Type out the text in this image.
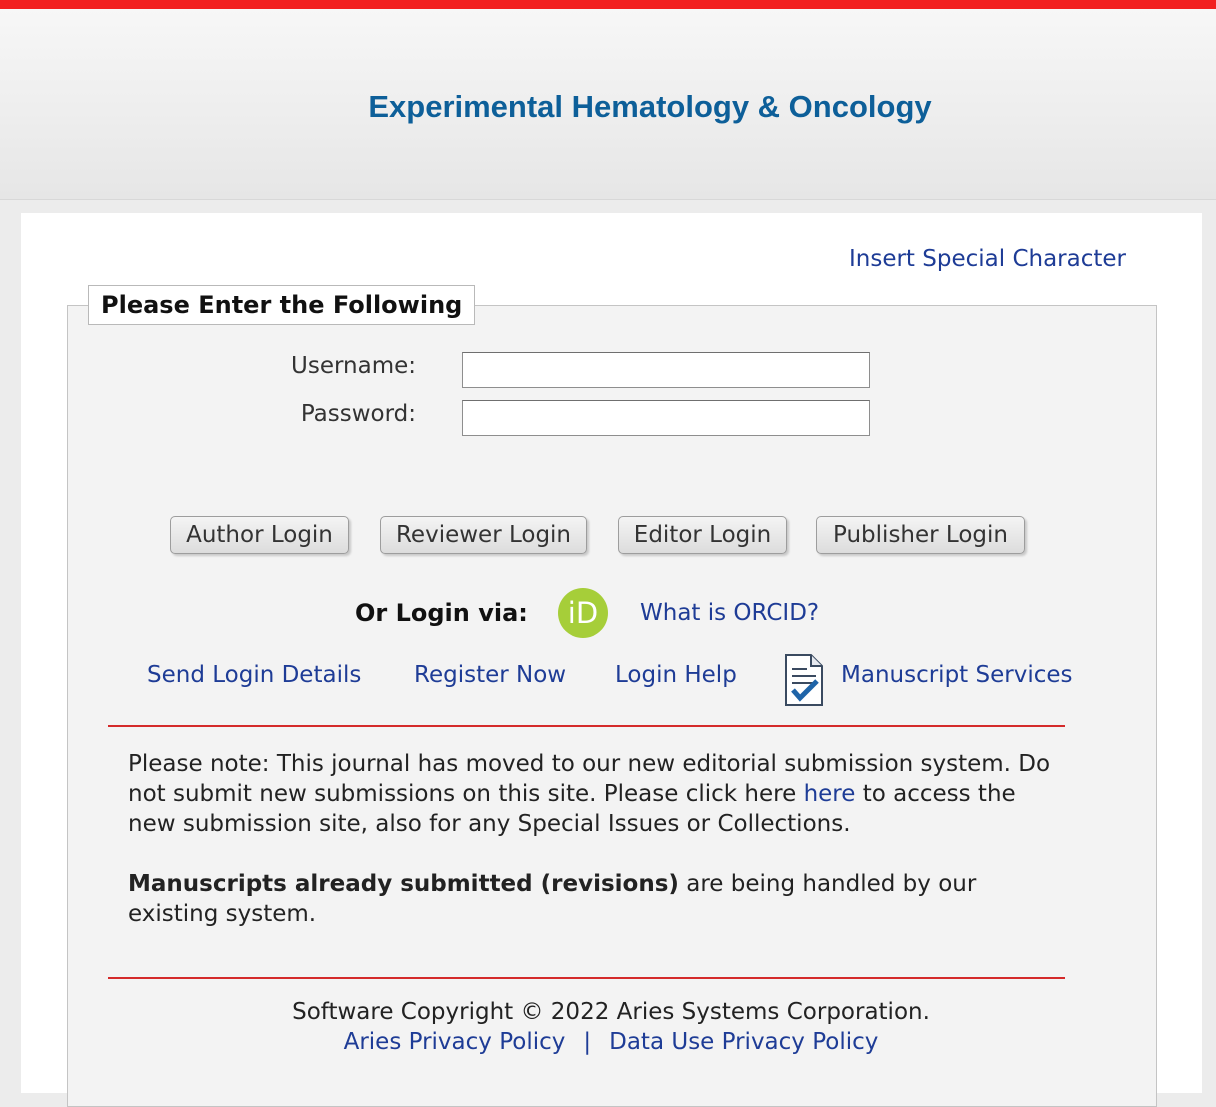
Experimental Hematology & Oncology
Insert Special Character
Please Enter the Following
Username:
Password:
Author Login	Reviewer Login	Editor Login	Publisher Login
Or Login via:	iD	What is ORCID?
Send Login Details Register Now Login Help	Manuscript Services

Please note: This journal has moved to our new editorial submission system. Do not submit new submissions on this site. Please click here here to access the new submission site, also for any Special Issues or Collections.

Manuscripts already submitted (revisions) are being handled by our existing system.

Software Copyright © 2022 Aries Systems Corporation.
Aries Privacy Policy | Data Use Privacy Policy
